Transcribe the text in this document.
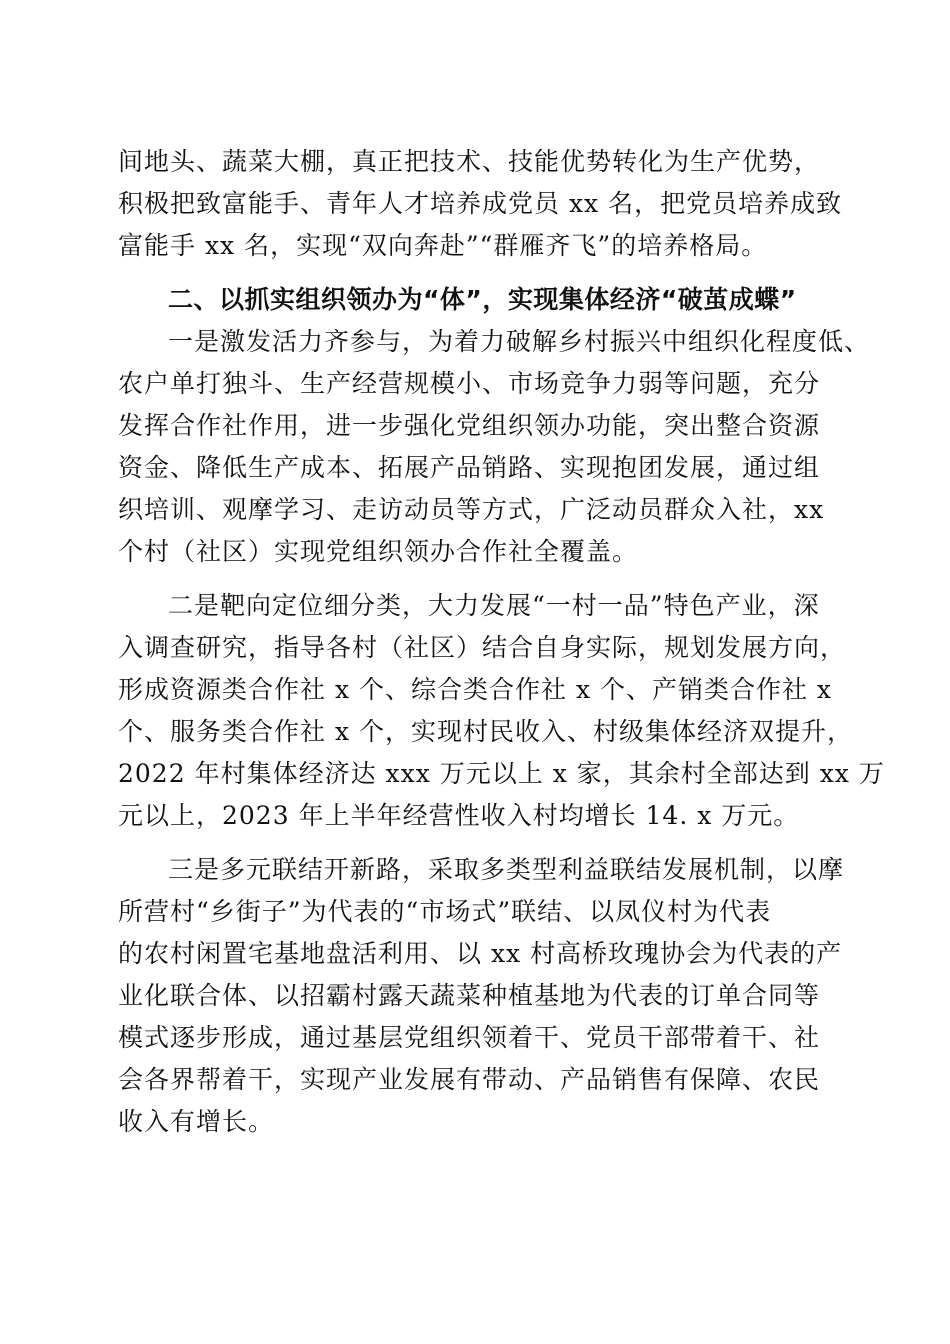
间地头、蔬菜大棚，真正把技术、技能优势转化为生产优势，
积极把致富能手、青年人才培养成党员 xx 名，把党员培养成致
富能手 xx 名，实现“双向奔赴”“群雁齐飞”的培养格局。
二、以抓实组织领办为“体”，实现集体经济“破茧成蝶”
一是激发活力齐参与，为着力破解乡村振兴中组织化程度低、
农户单打独斗、生产经营规模小、市场竞争力弱等问题，充分
发挥合作社作用，进一步强化党组织领办功能，突出整合资源
资金、降低生产成本、拓展产品销路、实现抱团发展，通过组
织培训、观摩学习、走访动员等方式，广泛动员群众入社，xx
个村（社区）实现党组织领办合作社全覆盖。
二是靶向定位细分类，大力发展“一村一品”特色产业，深
入调查研究，指导各村（社区）结合自身实际，规划发展方向，
形成资源类合作社 x 个、综合类合作社 x 个、产销类合作社 x
个、服务类合作社 x 个，实现村民收入、村级集体经济双提升，
2022 年村集体经济达 xxx 万元以上 x 家，其余村全部达到 xx 万
元以上，2023 年上半年经营性收入村均增长 14. x 万元。
三是多元联结开新路，采取多类型利益联结发展机制，以摩
所营村“乡街子”为代表的“市场式”联结、以凤仪村为代表
的农村闲置宅基地盘活利用、以 xx 村高桥玫瑰协会为代表的产
业化联合体、以招霸村露天蔬菜种植基地为代表的订单合同等
模式逐步形成，通过基层党组织领着干、党员干部带着干、社
会各界帮着干，实现产业发展有带动、产品销售有保障、农民
收入有增长。
